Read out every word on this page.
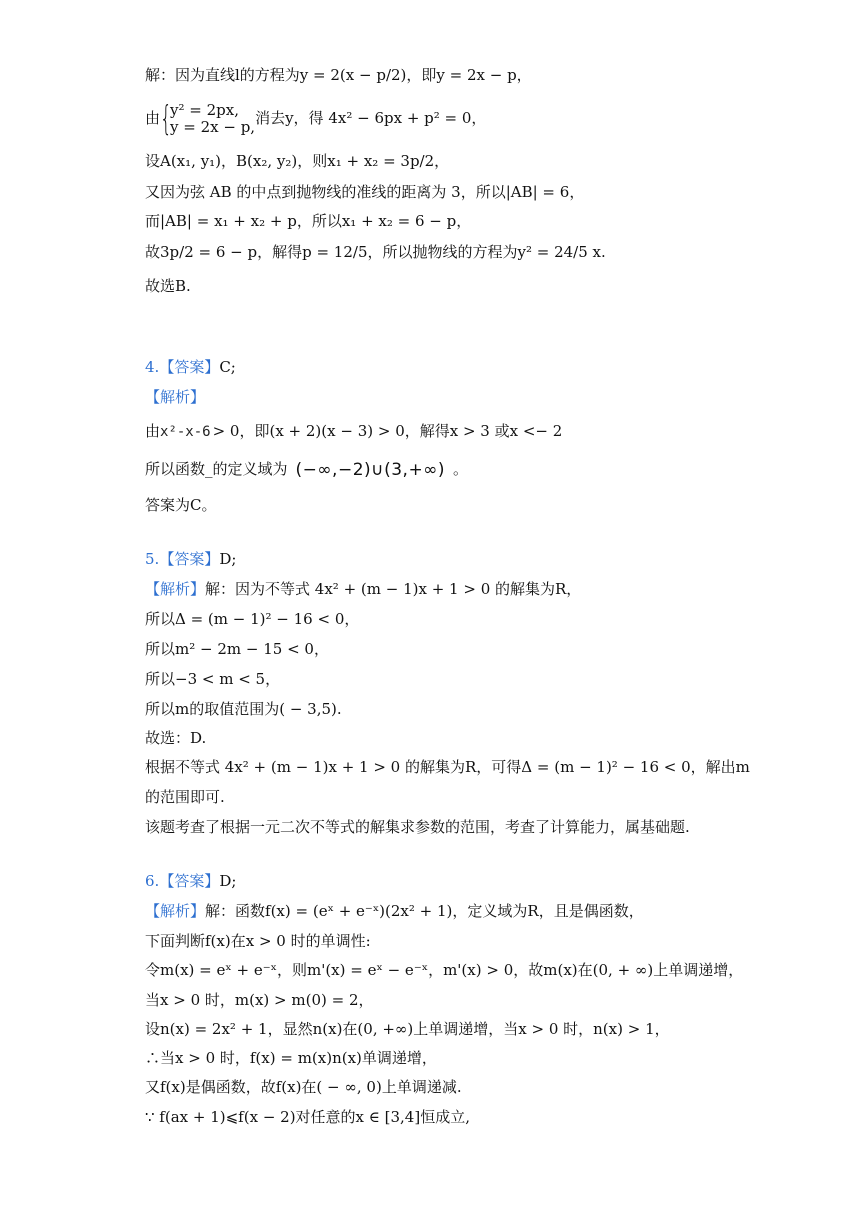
解：因为直线l的方程为y = 2(x − p/2)，即y = 2x − p，
由 {
y² = 2px,
y = 2x − p, 消去y，得 4x² − 6px + p² = 0，
设A(x₁, y₁)，B(x₂, y₂)，则x₁ + x₂ = 3p/2，
又因为弦 AB 的中点到抛物线的准线的距离为 3，所以|AB| = 6，
而|AB| = x₁ + x₂ + p，所以x₁ + x₂ = 6 − p，
故3p/2 = 6 − p，解得p = 12/5，所以抛物线的方程为y² = 24/5 x.
故选B.
4.【答案】C;
【解析】
由x²-x-6 > 0，即(x + 2)(x − 3) > 0，解得x > 3 或x <− 2
所以函数_的定义域为 (−∞,−2)∪(3,+∞) 。
答案为C。
5.【答案】D;
【解析】解：因为不等式 4x² + (m − 1)x + 1 > 0 的解集为R，
所以Δ = (m − 1)² − 16 < 0，
所以m² − 2m − 15 < 0，
所以−3 < m < 5，
所以m的取值范围为( − 3,5).
故选：D.
根据不等式 4x² + (m − 1)x + 1 > 0 的解集为R，可得Δ = (m − 1)² − 16 < 0，解出m
的范围即可.
该题考查了根据一元二次不等式的解集求参数的范围，考查了计算能力，属基础题.
6.【答案】D;
【解析】解：函数f(x) = (eˣ + e⁻ˣ)(2x² + 1)，定义域为R，且是偶函数，
下面判断f(x)在x > 0 时的单调性:
令m(x) = eˣ + e⁻ˣ，则m'(x) = eˣ − e⁻ˣ，m'(x) > 0，故m(x)在(0, + ∞)上单调递增，
当x > 0 时，m(x) > m(0) = 2，
设n(x) = 2x² + 1，显然n(x)在(0, +∞)上单调递增，当x > 0 时，n(x) > 1，
∴当x > 0 时，f(x) = m(x)n(x)单调递增，
又f(x)是偶函数，故f(x)在( − ∞, 0)上单调递减.
∵ f(ax + 1)⩽f(x − 2)对任意的x ∈ [3,4]恒成立,
